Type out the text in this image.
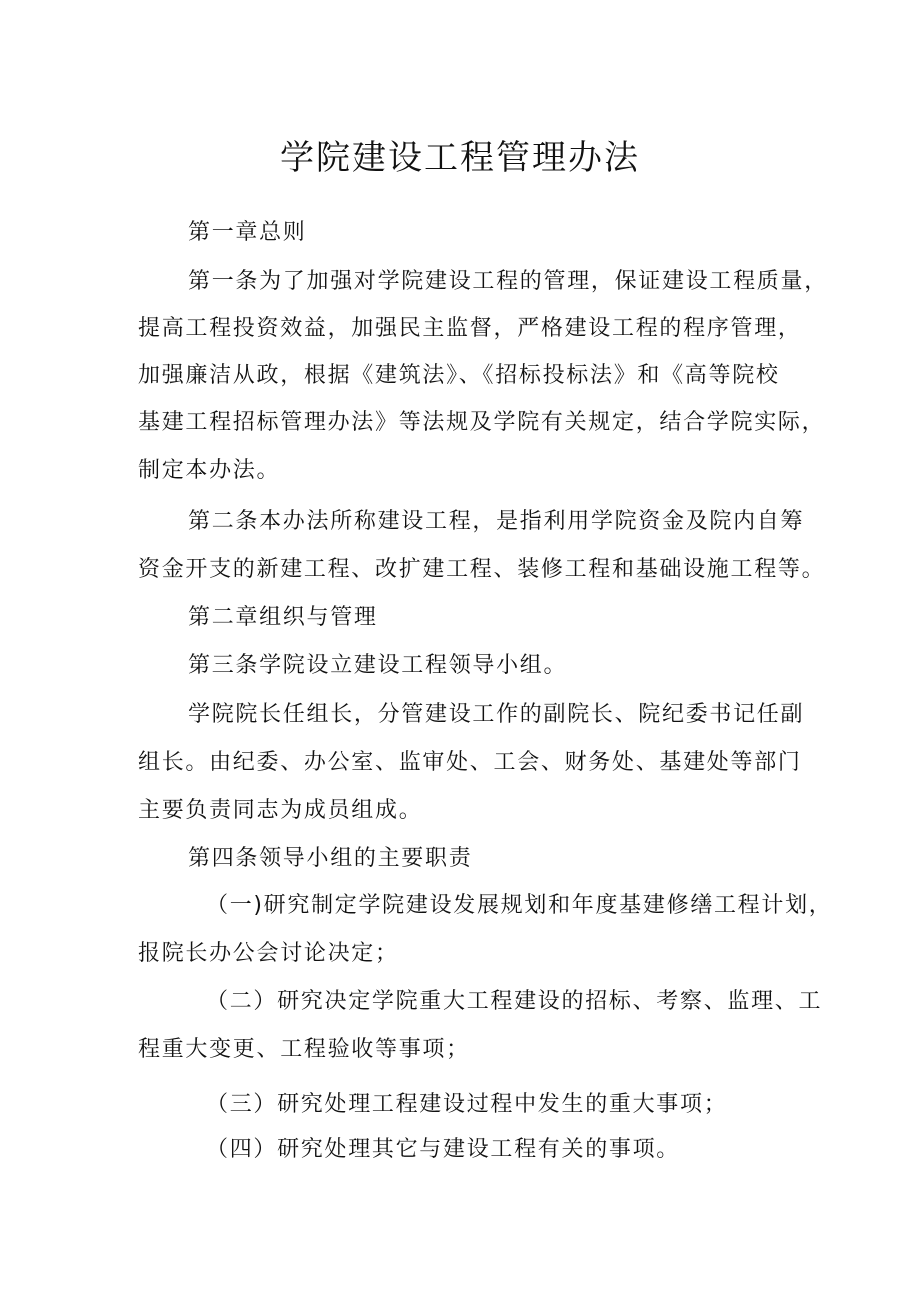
学院建设工程管理办法
第一章总则
第一条为了加强对学院建设工程的管理，保证建设工程质量，
提高工程投资效益，加强民主监督，严格建设工程的程序管理，
加强廉洁从政，根据《建筑法》、《招标投标法》和《高等院校
基建工程招标管理办法》等法规及学院有关规定，结合学院实际，
制定本办法。
第二条本办法所称建设工程，是指利用学院资金及院内自筹
资金开支的新建工程、改扩建工程、装修工程和基础设施工程等。
第二章组织与管理
第三条学院设立建设工程领导小组。
学院院长任组长，分管建设工作的副院长、院纪委书记任副
组长。由纪委、办公室、监审处、工会、财务处、基建处等部门
主要负责同志为成员组成。
第四条领导小组的主要职责
（一)研究制定学院建设发展规划和年度基建修缮工程计划，
报院长办公会讨论决定；
（二）研究决定学院重大工程建设的招标、考察、监理、工
程重大变更、工程验收等事项；
（三）研究处理工程建设过程中发生的重大事项；
（四）研究处理其它与建设工程有关的事项。
